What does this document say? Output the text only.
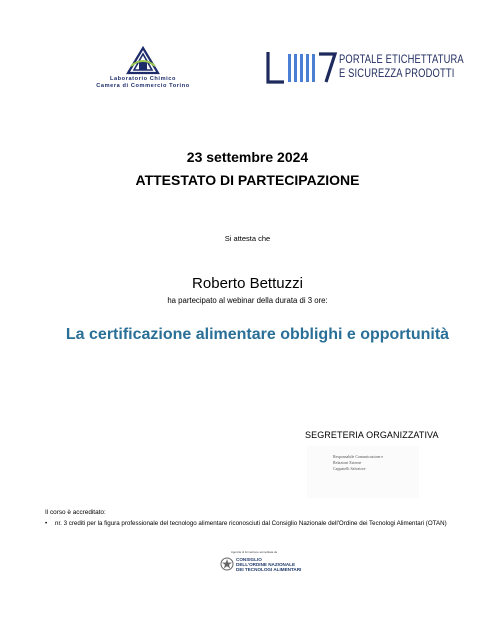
Laboratorio Chimico
Camera di Commercio Torino
PORTALE ETICHETTATURA
E SICUREZZA PRODOTTI
23 settembre 2024
ATTESTATO DI PARTECIPAZIONE
Si attesta che
Roberto Bettuzzi
ha partecipato al webinar della durata di 3 ore:
La certificazione alimentare obblighi e opportunità
SEGRETERIA ORGANIZZATIVA
Responsabile Comunicazione e
Relazioni Esterne
Cappatelli Salvatore
Il corso è accreditato:
• nr. 3 crediti per la figura professionale del tecnologo alimentare riconosciuti dal Consiglio Nazionale dell'Ordine dei Tecnologi Alimentari (OTAN)
Agenzia di formazione accreditata da
CONSIGLIO
DELL'ORDINE NAZIONALE
DEI TECNOLOGI ALIMENTARI
